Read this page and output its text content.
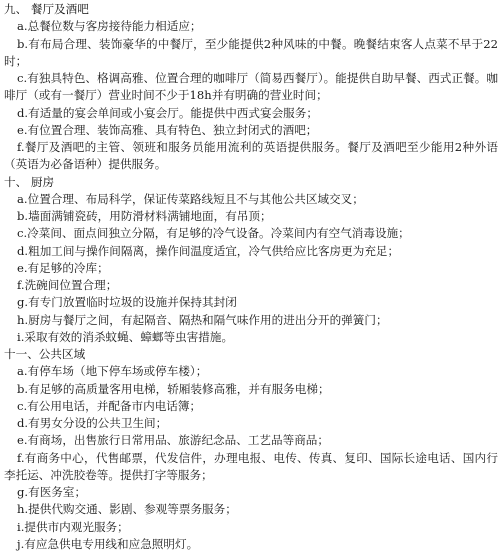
九、 餐厅及酒吧
a.总餐位数与客房接待能力相适应；
b.有布局合理、装饰豪华的中餐厅，至少能提供2种风味的中餐。晚餐结束客人点菜不早于22时；
c.有独具特色、格调高雅、位置合理的咖啡厅（简易西餐厅）。能提供自助早餐、西式正餐。咖啡厅（或有一餐厅）营业时间不少于18h并有明确的营业时间；
d.有适量的宴会单间或小宴会厅。能提供中西式宴会服务；
e.有位置合理、装饰高雅、具有特色、独立封闭式的酒吧；
f.餐厅及酒吧的主管、领班和服务员能用流利的英语提供服务。餐厅及酒吧至少能用2种外语（英语为必备语种）提供服务。
十、 厨房
a.位置合理、布局科学，保证传菜路线短且不与其他公共区域交叉；
b.墙面满铺瓷砖，用防滑材料满铺地面，有吊顶；
c.冷菜间、面点间独立分隔，有足够的冷气设备。冷菜间内有空气消毒设施；
d.粗加工间与操作间隔离，操作间温度适宜，冷气供给应比客房更为充足；
e.有足够的冷库；
f.洗碗间位置合理；
g.有专门放置临时垃圾的设施并保持其封闭
h.厨房与餐厅之间，有起隔音、隔热和隔气味作用的进出分开的弹簧门；
i.采取有效的消杀蚊蝇、蟑螂等虫害措施。
十一、公共区域
a.有停车场（地下停车场或停车楼）；
b.有足够的高质量客用电梯，轿厢装修高雅，并有服务电梯；
c.有公用电话，并配备市内电话簿；
d.有男女分设的公共卫生间；
e.有商场，出售旅行日常用品、旅游纪念品、工艺品等商品；
f.有商务中心，代售邮票，代发信件，办理电报、电传、传真、复印、国际长途电话、国内行李托运、冲洗胶卷等。提供打字等服务；
g.有医务室；
h.提供代购交通、影剧、参观等票务服务；
i.提供市内观光服务；
j.有应急供电专用线和应急照明灯。
